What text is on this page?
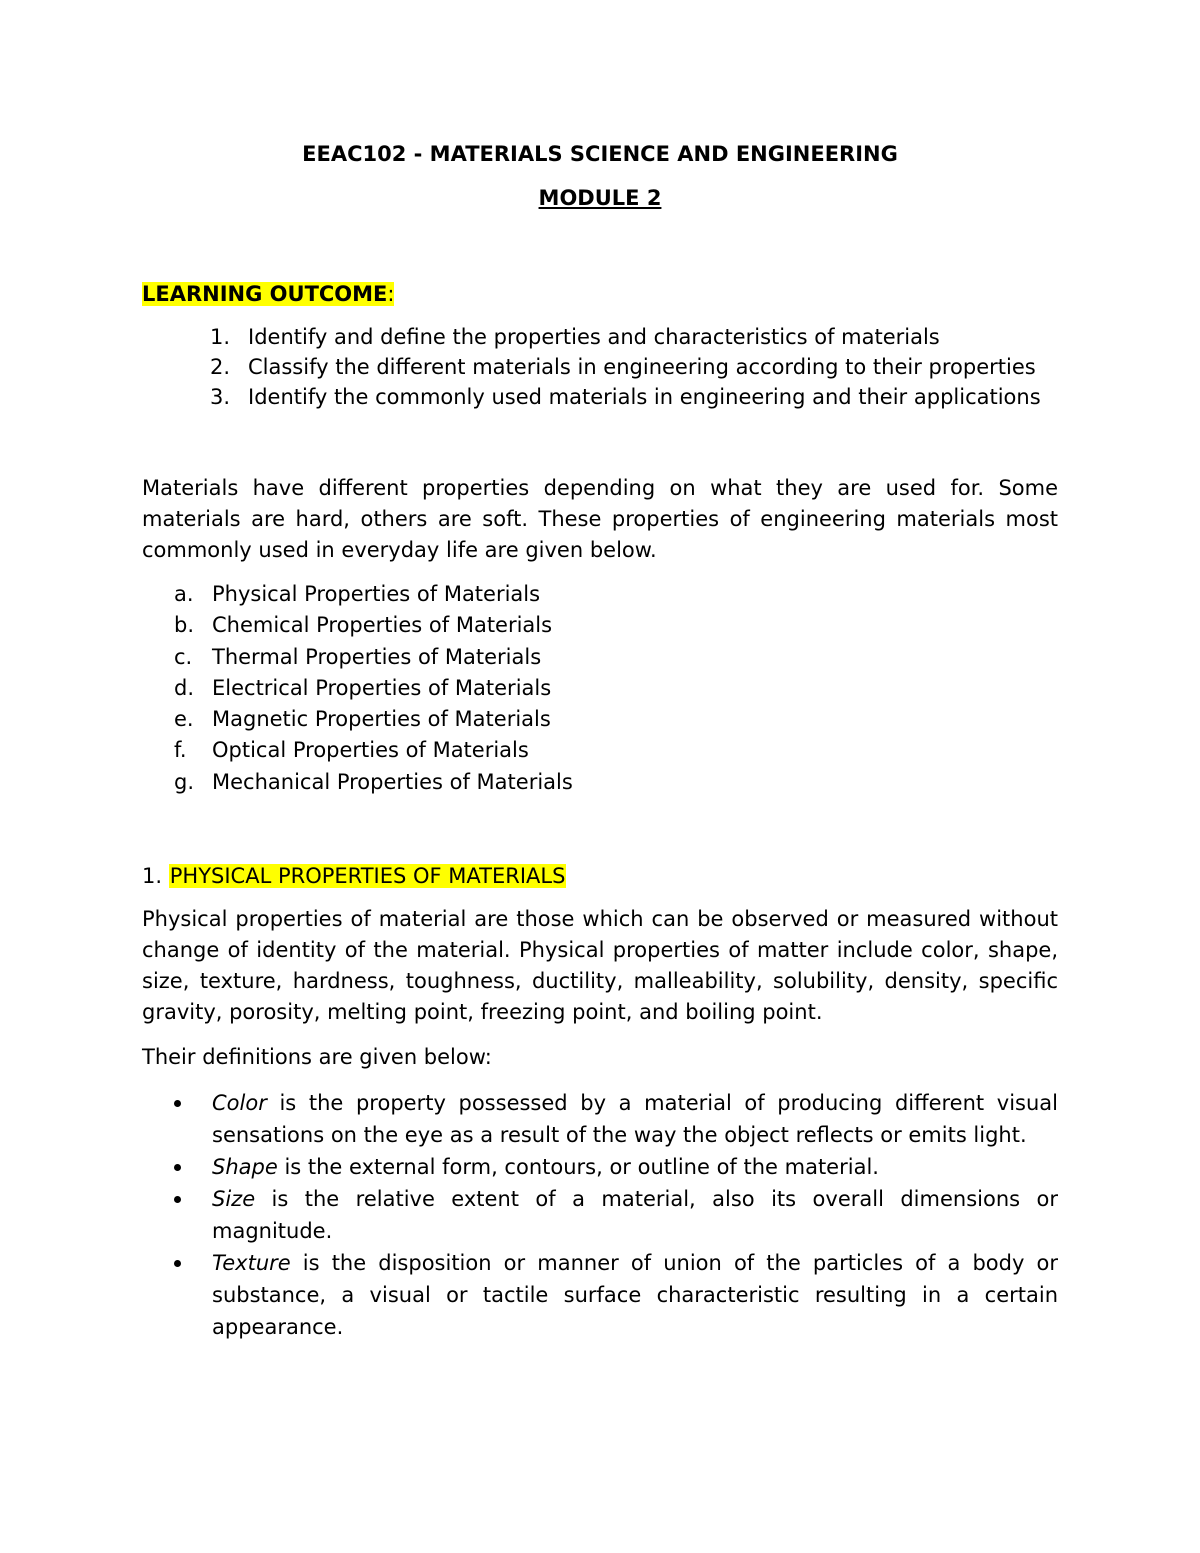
EEAC102 - MATERIALS SCIENCE AND ENGINEERING

MODULE 2

LEARNING OUTCOME:

1. Identify and define the properties and characteristics of materials
2. Classify the different materials in engineering according to their properties
3. Identify the commonly used materials in engineering and their applications

Materials have different properties depending on what they are used for. Some materials are hard, others are soft. These properties of engineering materials most commonly used in everyday life are given below.

a. Physical Properties of Materials
b. Chemical Properties of Materials
c. Thermal Properties of Materials
d. Electrical Properties of Materials
e. Magnetic Properties of Materials
f. Optical Properties of Materials
g. Mechanical Properties of Materials

1. PHYSICAL PROPERTIES OF MATERIALS

Physical properties of material are those which can be observed or measured without change of identity of the material. Physical properties of matter include color, shape, size, texture, hardness, toughness, ductility, malleability, solubility, density, specific gravity, porosity, melting point, freezing point, and boiling point.

Their definitions are given below:

Color is the property possessed by a material of producing different visual sensations on the eye as a result of the way the object reflects or emits light.
Shape is the external form, contours, or outline of the material.
Size is the relative extent of a material, also its overall dimensions or magnitude.
Texture is the disposition or manner of union of the particles of a body or substance, a visual or tactile surface characteristic resulting in a certain appearance.
